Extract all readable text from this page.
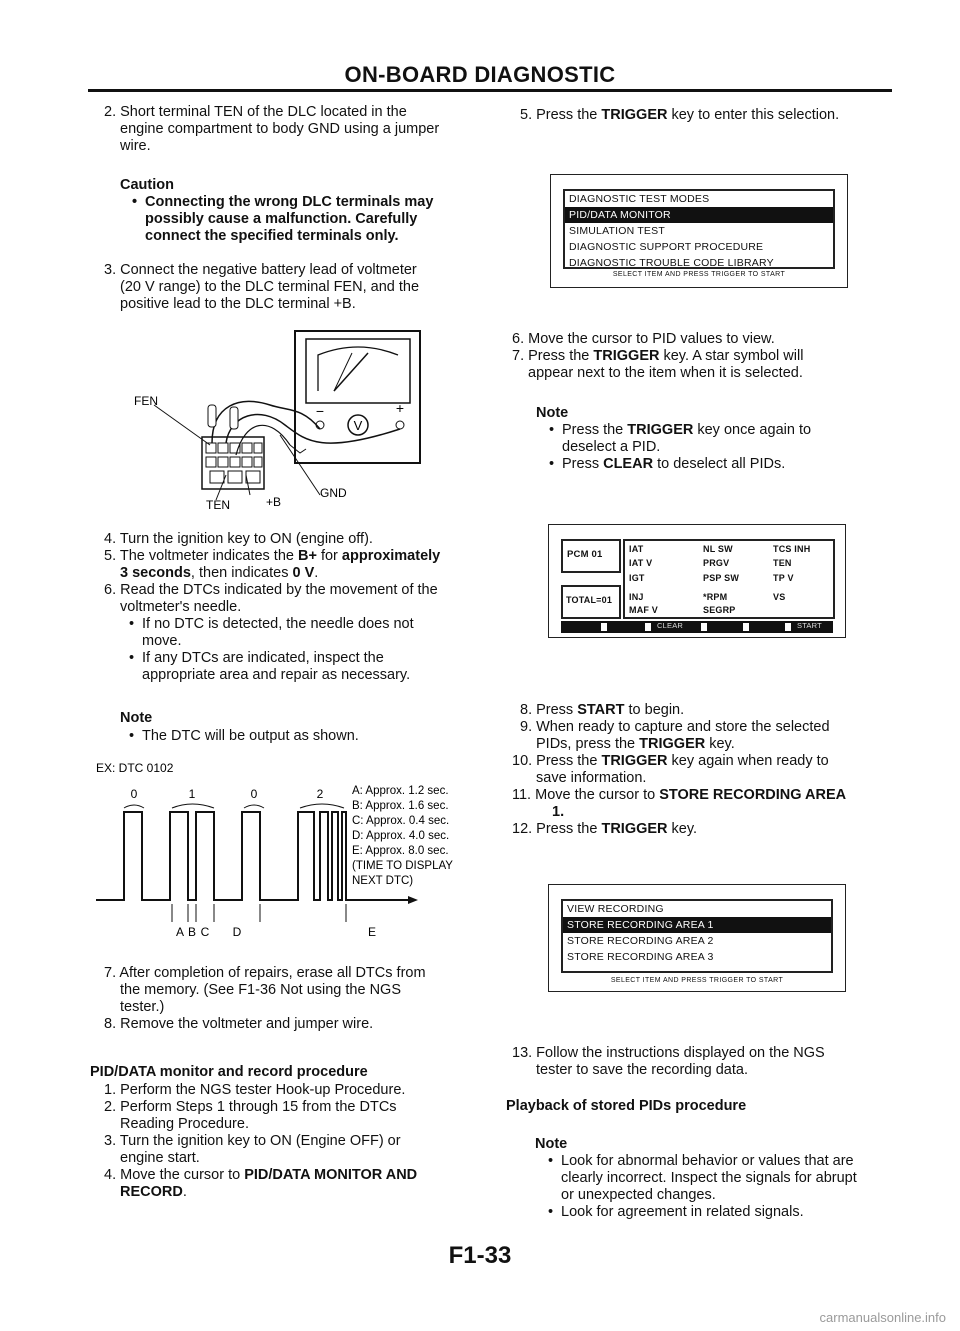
ON-BOARD DIAGNOSTIC
2. Short terminal TEN of the DLC located in the
engine compartment to body GND using a jumper
wire.
Caution
• Connecting the wrong DLC terminals may
possibly cause a malfunction. Carefully
connect the specified terminals only.
3. Connect the negative battery lead of voltmeter
(20 V range) to the DLC terminal FEN, and the
positive lead to the DLC terminal +B.
V
−	+
FEN
TEN	+B
GND
4. Turn the ignition key to ON (engine off).
5. The voltmeter indicates the B+ for approximately
3 seconds, then indicates 0 V.
6. Read the DTCs indicated by the movement of the
voltmeter's needle.
• If no DTC is detected, the needle does not
move.
• If any DTCs are indicated, inspect the
appropriate area and repair as necessary.
Note
• The DTC will be output as shown.
EX: DTC 0102
0	1	0	2
A B C D	E
A: Approx. 1.2 sec.
B: Approx. 1.6 sec.
C: Approx. 0.4 sec.
D: Approx. 4.0 sec.
E: Approx. 8.0 sec.
(TIME TO DISPLAY
NEXT DTC)
7. After completion of repairs, erase all DTCs from
the memory. (See F1-36 Not using the NGS
tester.)
8. Remove the voltmeter and jumper wire.
PID/DATA monitor and record procedure
1. Perform the NGS tester Hook-up Procedure.
2. Perform Steps 1 through 15 from the DTCs
Reading Procedure.
3. Turn the ignition key to ON (Engine OFF) or
engine start.
4. Move the cursor to PID/DATA MONITOR AND
RECORD.
5. Press the TRIGGER key to enter this selection.
DIAGNOSTIC TEST MODES
PID/DATA MONITOR
SIMULATION TEST
DIAGNOSTIC SUPPORT PROCEDURE
DIAGNOSTIC TROUBLE CODE LIBRARY
SELECT ITEM AND PRESS TRIGGER TO START
6. Move the cursor to PID values to view.
7. Press the TRIGGER key. A star symbol will
appear next to the item when it is selected.
Note
• Press the TRIGGER key once again to
deselect a PID.
• Press CLEAR to deselect all PIDs.
PCM 01
TOTAL=01
IAT	NL SW	TCS INH
IAT V	PRGV	TEN
IGT	PSP SW	TP V
INJ	*RPM	VS
MAF V	SEGRP
CLEAR	START
8. Press START to begin.
9. When ready to capture and store the selected
PIDs, press the TRIGGER key.
10. Press the TRIGGER key again when ready to
save information.
11. Move the cursor to STORE RECORDING AREA
1.
12. Press the TRIGGER key.
VIEW RECORDING
STORE RECORDING AREA 1
STORE RECORDING AREA 2
STORE RECORDING AREA 3
SELECT ITEM AND PRESS TRIGGER TO START
13. Follow the instructions displayed on the NGS
tester to save the recording data.
Playback of stored PIDs procedure
Note
• Look for abnormal behavior or values that are
clearly incorrect. Inspect the signals for abrupt
or unexpected changes.
• Look for agreement in related signals.
F1-33
carmanualsonline.info
